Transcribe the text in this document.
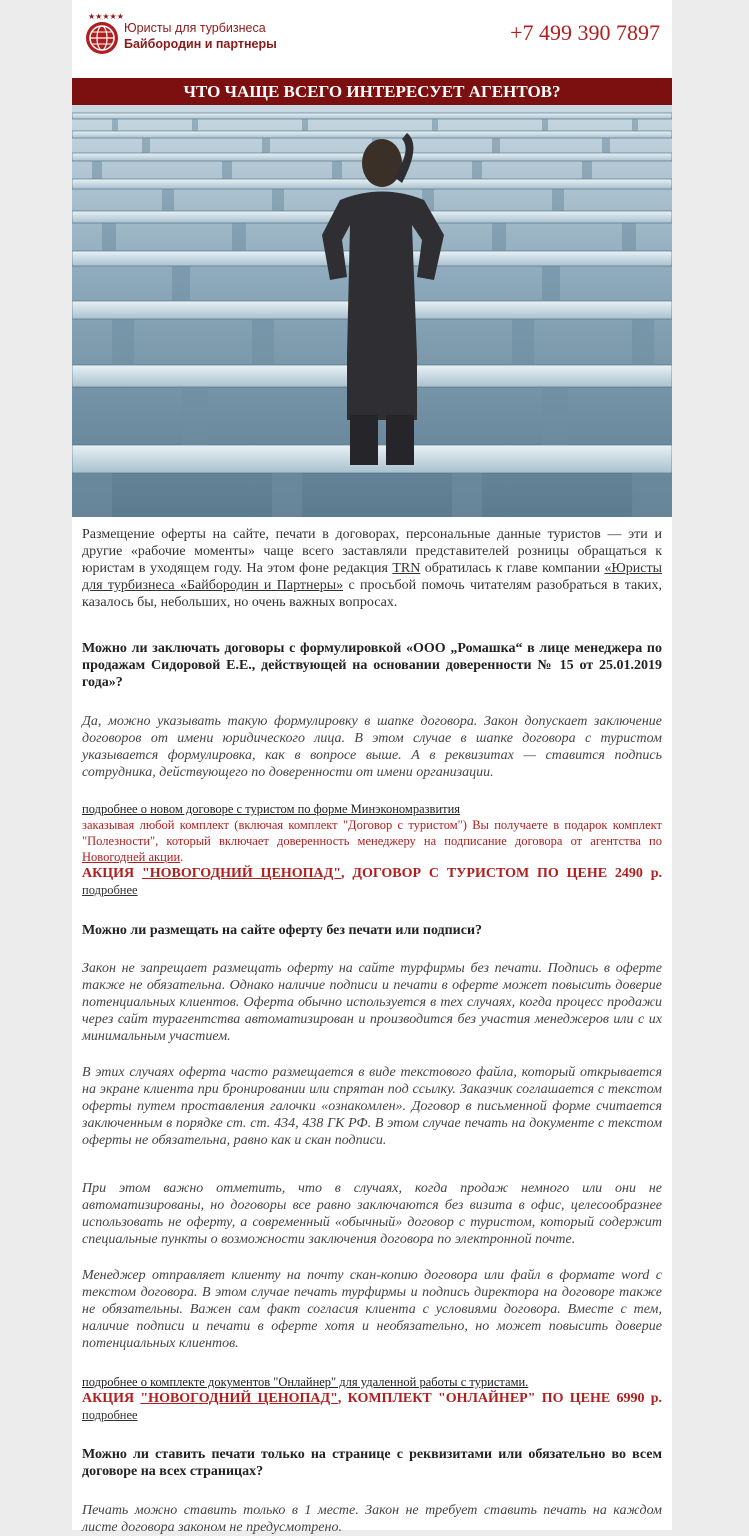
★★★★★
Юристы для турбизнеса
Байбородин и партнеры	+7 499 390 7897
ЧТО ЧАЩЕ ВСЕГО ИНТЕРЕСУЕТ АГЕНТОВ?

Размещение оферты на сайте, печати в договорах, персональные данные туристов — эти и другие «рабочие моменты» чаще всего заставляли представителей розницы обращаться к юристам в уходящем году. На этом фоне редакция TRN обратилась к главе компании «Юристы для турбизнеса «Байбородин и Партнеры» с просьбой помочь читателям разобраться в таких, казалось бы, небольших, но очень важных вопросах.

Можно ли заключать договоры с формулировкой «ООО „Ромашка“ в лице менеджера по продажам Сидоровой Е.Е., действующей на основании доверенности № 15 от 25.01.2019 года»?

Да, можно указывать такую формулировку в шапке договора. Закон допускает заключение договоров от имени юридического лица. В этом случае в шапке договора с туристом указывается формулировка, как в вопросе выше. А в реквизитах — ставится подпись сотрудника, действующего по доверенности от имени организации.

подробнее о новом договоре с туристом по форме Минэкономразвития

заказывая любой комплект (включая комплект "Договор с туристом") Вы получаете в подарок комплект "Полезности", который включает доверенность менеджеру на подписание договора от агентства по Новогодней акции.

АКЦИЯ "НОВОГОДНИЙ ЦЕНОПАД", ДОГОВОР С ТУРИСТОМ ПО ЦЕНЕ 2490 р. подробнее

Можно ли размещать на сайте оферту без печати или подписи?

Закон не запрещает размещать оферту на сайте турфирмы без печати. Подпись в оферте также не обязательна. Однако наличие подписи и печати в оферте может повысить доверие потенциальных клиентов. Оферта обычно используется в тех случаях, когда процесс продажи через сайт турагентства автоматизирован и производится без участия менеджеров или с их минимальным участием.

В этих случаях оферта часто размещается в виде текстового файла, который открывается на экране клиента при бронировании или спрятан под ссылку. Заказчик соглашается с текстом оферты путем проставления галочки «ознакомлен». Договор в письменной форме считается заключенным в порядке ст. ст. 434, 438 ГК РФ. В этом случае печать на документе с текстом оферты не обязательна, равно как и скан подписи.

При этом важно отметить, что в случаях, когда продаж немного или они не автоматизированы, но договоры все равно заключаются без визита в офис, целесообразнее использовать не оферту, а современный «обычный» договор с туристом, который содержит специальные пункты о возможности заключения договора по электронной почте.

Менеджер отправляет клиенту на почту скан-копию договора или файл в формате word с текстом договора. В этом случае печать турфирмы и подпись директора на договоре также не обязательны. Важен сам факт согласия клиента с условиями договора. Вместе с тем, наличие подписи и печати в оферте хотя и необязательно, но может повысить доверие потенциальных клиентов.

подробнее о комплекте документов "Онлайнер" для удаленной работы с туристами.

АКЦИЯ "НОВОГОДНИЙ ЦЕНОПАД", КОМПЛЕКТ "ОНЛАЙНЕР" ПО ЦЕНЕ 6990 р. подробнее

Можно ли ставить печати только на странице с реквизитами или обязательно во всем договоре на всех страницах?

Печать можно ставить только в 1 месте. Закон не требует ставить печать на каждом листе договора законом не предусмотрено.
